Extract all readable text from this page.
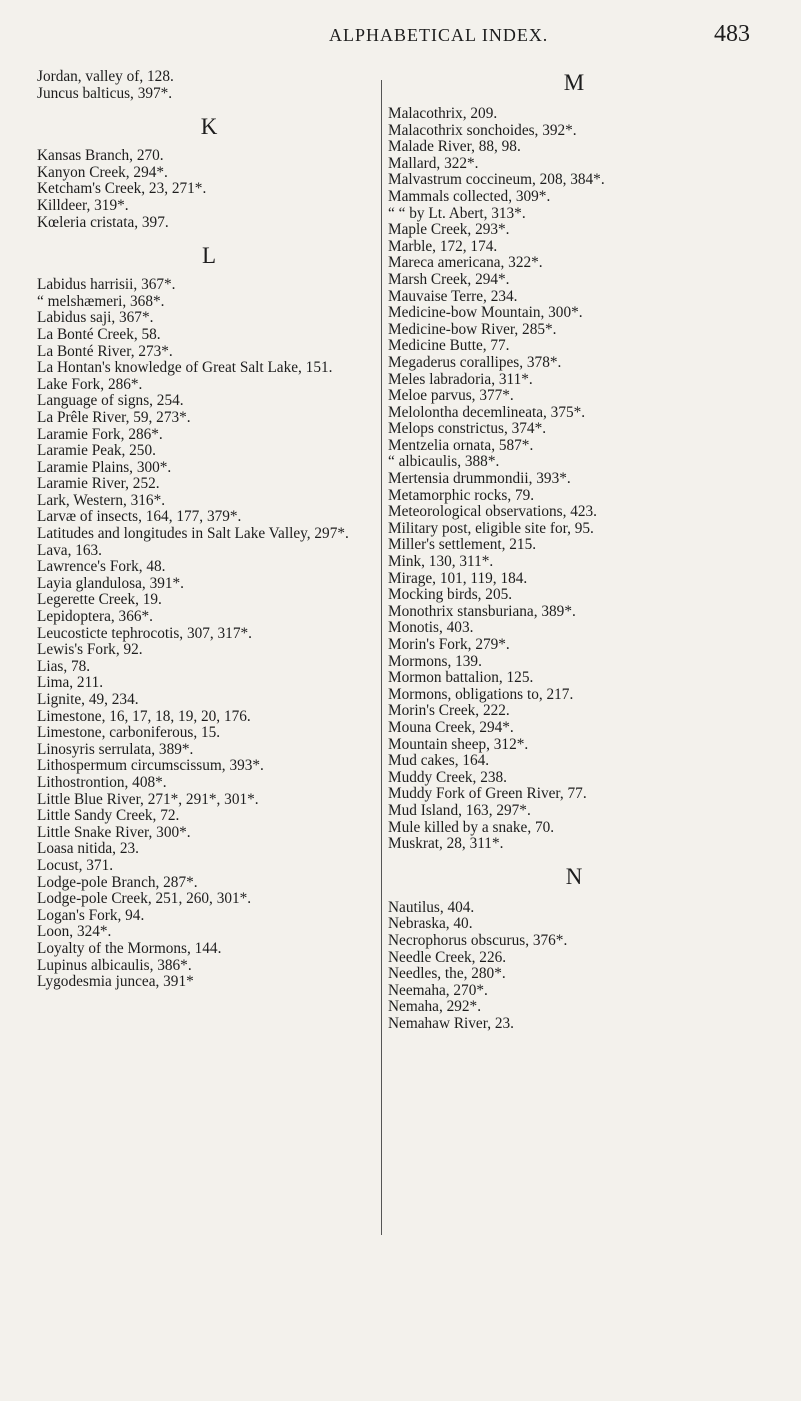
ALPHABETICAL INDEX.	483
Jordan, valley of, 128.
Juncus balticus, 397*.
K
Kansas Branch, 270.
Kanyon Creek, 294*.
Ketcham's Creek, 23, 271*.
Killdeer, 319*.
Kœleria cristata, 397.
L
Labidus harrisii, 367*.
“ melshæmeri, 368*.
Labidus saji, 367*.
La Bonté Creek, 58.
La Bonté River, 273*.
La Hontan's knowledge of Great Salt Lake, 151.
Lake Fork, 286*.
Language of signs, 254.
La Prêle River, 59, 273*.
Laramie Fork, 286*.
Laramie Peak, 250.
Laramie Plains, 300*.
Laramie River, 252.
Lark, Western, 316*.
Larvæ of insects, 164, 177, 379*.
Latitudes and longitudes in Salt Lake Valley, 297*.
Lava, 163.
Lawrence's Fork, 48.
Layia glandulosa, 391*.
Legerette Creek, 19.
Lepidoptera, 366*.
Leucosticte tephrocotis, 307, 317*.
Lewis's Fork, 92.
Lias, 78.
Lima, 211.
Lignite, 49, 234.
Limestone, 16, 17, 18, 19, 20, 176.
Limestone, carboniferous, 15.
Linosyris serrulata, 389*.
Lithospermum circumscissum, 393*.
Lithostrontion, 408*.
Little Blue River, 271*, 291*, 301*.
Little Sandy Creek, 72.
Little Snake River, 300*.
Loasa nitida, 23.
Locust, 371.
Lodge-pole Branch, 287*.
Lodge-pole Creek, 251, 260, 301*.
Logan's Fork, 94.
Loon, 324*.
Loyalty of the Mormons, 144.
Lupinus albicaulis, 386*.
Lygodesmia juncea, 391*
M
Malacothrix, 209.
Malacothrix sonchoides, 392*.
Malade River, 88, 98.
Mallard, 322*.
Malvastrum coccineum, 208, 384*.
Mammals collected, 309*.
“ “ by Lt. Abert, 313*.
Maple Creek, 293*.
Marble, 172, 174.
Mareca americana, 322*.
Marsh Creek, 294*.
Mauvaise Terre, 234.
Medicine-bow Mountain, 300*.
Medicine-bow River, 285*.
Medicine Butte, 77.
Megaderus corallipes, 378*.
Meles labradoria, 311*.
Meloe parvus, 377*.
Melolontha decemlineata, 375*.
Melops constrictus, 374*.
Mentzelia ornata, 587*.
“ albicaulis, 388*.
Mertensia drummondii, 393*.
Metamorphic rocks, 79.
Meteorological observations, 423.
Military post, eligible site for, 95.
Miller's settlement, 215.
Mink, 130, 311*.
Mirage, 101, 119, 184.
Mocking birds, 205.
Monothrix stansburiana, 389*.
Monotis, 403.
Morin's Fork, 279*.
Mormons, 139.
Mormon battalion, 125.
Mormons, obligations to, 217.
Morin's Creek, 222.
Mouna Creek, 294*.
Mountain sheep, 312*.
Mud cakes, 164.
Muddy Creek, 238.
Muddy Fork of Green River, 77.
Mud Island, 163, 297*.
Mule killed by a snake, 70.
Muskrat, 28, 311*.
N
Nautilus, 404.
Nebraska, 40.
Necrophorus obscurus, 376*.
Needle Creek, 226.
Needles, the, 280*.
Neemaha, 270*.
Nemaha, 292*.
Nemahaw River, 23.
